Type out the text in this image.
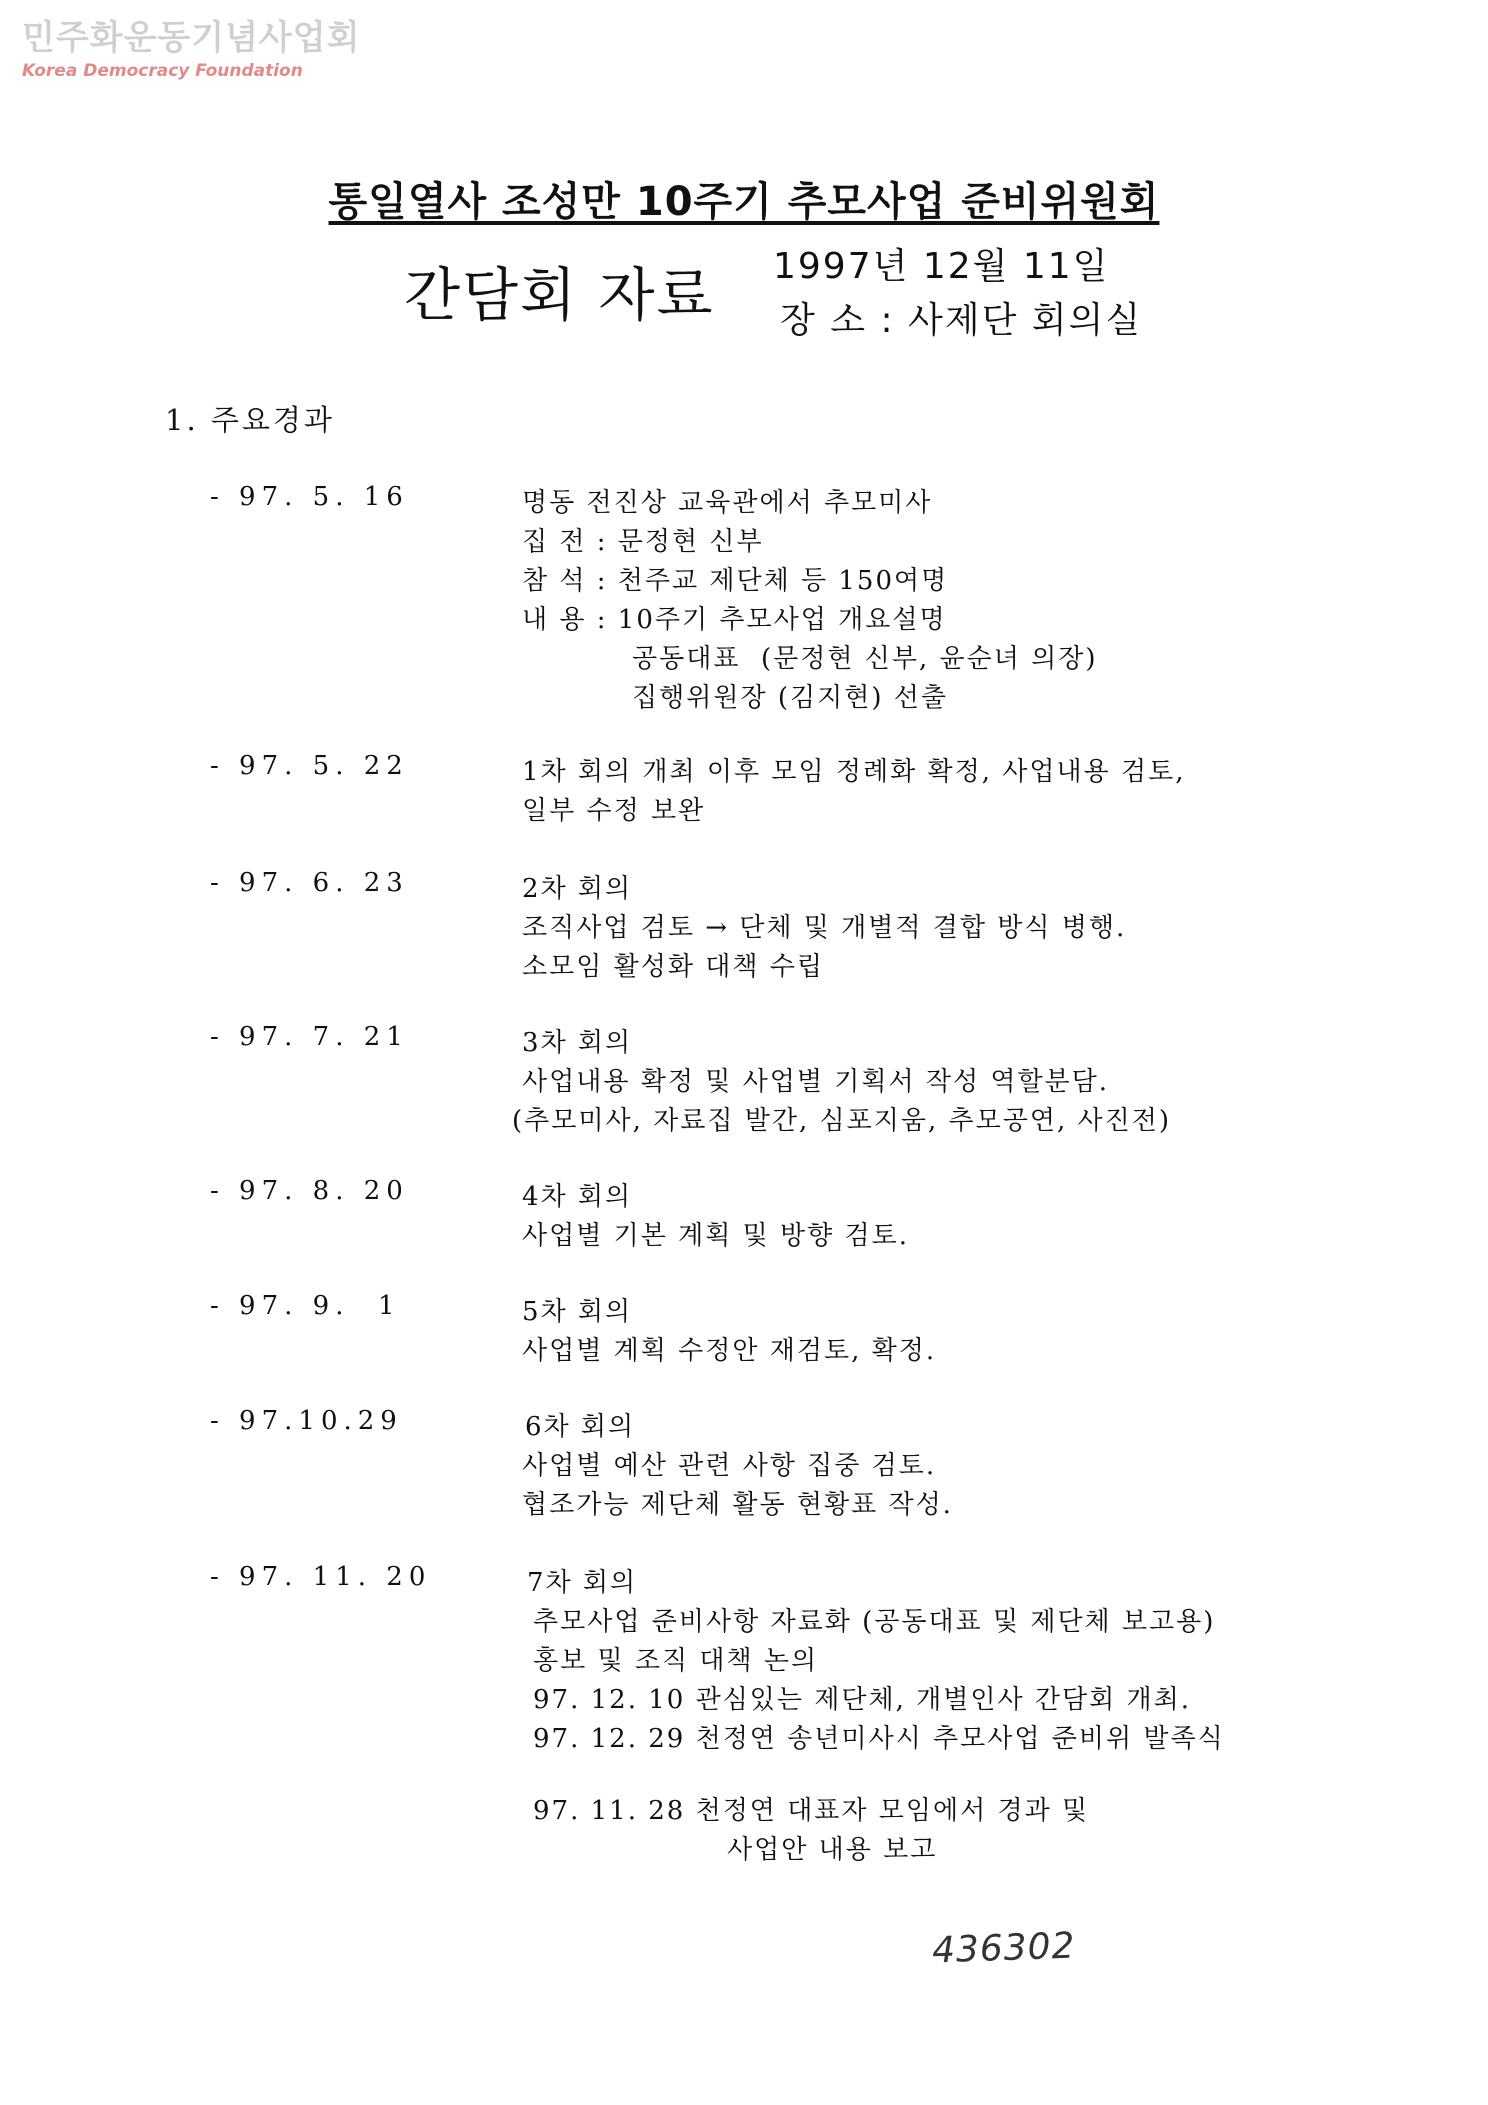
민주화운동기념사업회
Korea Democracy Foundation
통일열사 조성만 10주기 추모사업 준비위원회
간담회 자료 1997년 12월 11일
장 소 : 사제단 회의실
1. 주요경과
- 97. 5. 16	명동 전진상 교육관에서 추모미사
집 전 : 문정현 신부
참 석 : 천주교 제단체 등 150여명
내 용 : 10주기 추모사업 개요설명
공동대표  (문정현 신부, 윤순녀 의장)
집행위원장 (김지현) 선출
- 97. 5. 22	1차 회의 개최 이후 모임 정례화 확정, 사업내용 검토,
일부 수정 보완
- 97. 6. 23	2차 회의
조직사업 검토 → 단체 및 개별적 결합 방식 병행.
소모임 활성화 대책 수립
- 97. 7. 21	3차 회의
사업내용 확정 및 사업별 기획서 작성 역할분담.
(추모미사, 자료집 발간, 심포지움, 추모공연, 사진전)
- 97. 8. 20	4차 회의
사업별 기본 계획 및 방향 검토.
- 97. 9.  1	5차 회의
사업별 계획 수정안 재검토, 확정.
- 97.10.29	6차 회의
사업별 예산 관련 사항 집중 검토.
협조가능 제단체 활동 현황표 작성.
- 97. 11. 20	7차 회의
추모사업 준비사항 자료화 (공동대표 및 제단체 보고용)
홍보 및 조직 대책 논의
97. 12. 10 관심있는 제단체, 개별인사 간담회 개최.
97. 12. 29 천정연 송년미사시 추모사업 준비위 발족식
97. 11. 28 천정연 대표자 모임에서 경과 및
사업안 내용 보고
436302
